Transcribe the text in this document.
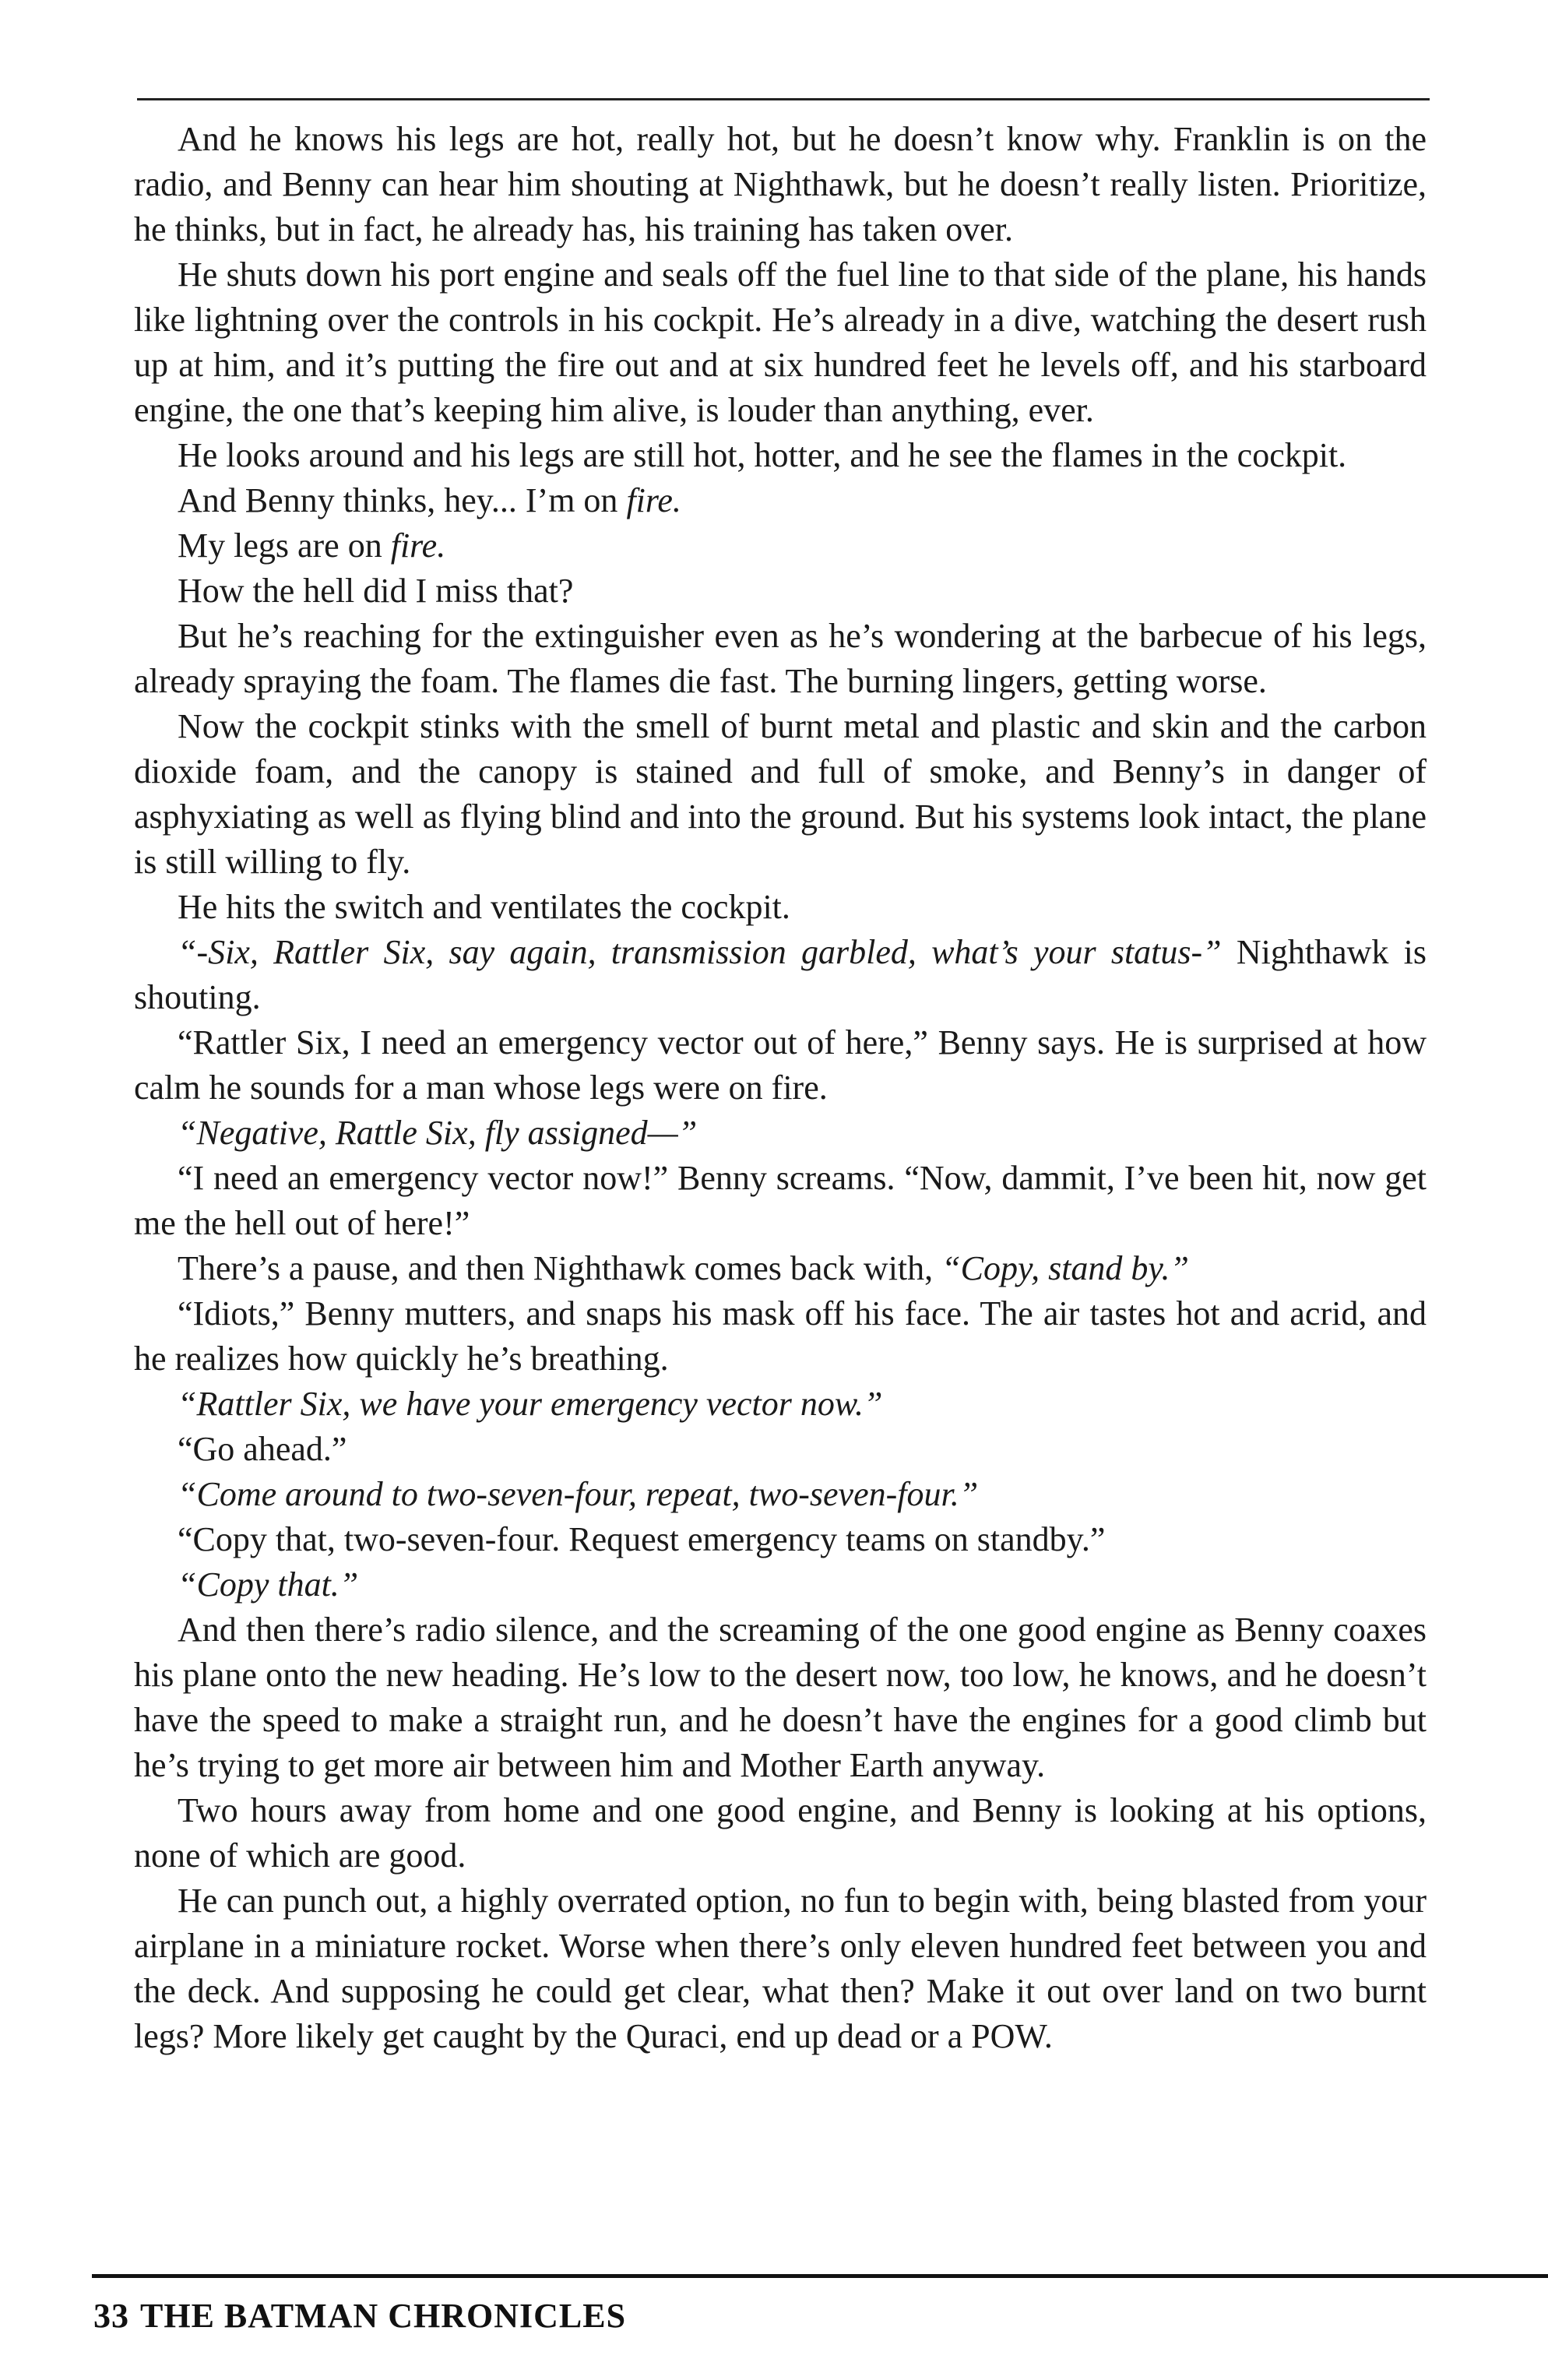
And he knows his legs are hot, really hot, but he doesn’t know why. Franklin is on the radio, and Benny can hear him shouting at Nighthawk, but he doesn’t really listen. Prioritize, he thinks, but in fact, he already has, his training has taken over.

He shuts down his port engine and seals off the fuel line to that side of the plane, his hands like lightning over the controls in his cockpit. He’s already in a dive, watching the desert rush up at him, and it’s putting the fire out and at six hundred feet he levels off, and his starboard engine, the one that’s keeping him alive, is louder than anything, ever.

He looks around and his legs are still hot, hotter, and he see the flames in the cockpit.

And Benny thinks, hey... I’m on fire.

My legs are on fire.

How the hell did I miss that?

But he’s reaching for the extinguisher even as he’s wondering at the barbecue of his legs, already spraying the foam. The flames die fast. The burning lingers, getting worse.

Now the cockpit stinks with the smell of burnt metal and plastic and skin and the carbon dioxide foam, and the canopy is stained and full of smoke, and Benny’s in danger of asphyxiating as well as flying blind and into the ground. But his systems look intact, the plane is still willing to fly.

He hits the switch and ventilates the cockpit.

“-Six, Rattler Six, say again, transmission garbled, what’s your status-” Nighthawk is shouting.

“Rattler Six, I need an emergency vector out of here,” Benny says. He is surprised at how calm he sounds for a man whose legs were on fire.

“Negative, Rattle Six, fly assigned—”

“I need an emergency vector now!” Benny screams. “Now, dammit, I’ve been hit, now get me the hell out of here!”

There’s a pause, and then Nighthawk comes back with, “Copy, stand by.”

“Idiots,” Benny mutters, and snaps his mask off his face. The air tastes hot and acrid, and he realizes how quickly he’s breathing.

“Rattler Six, we have your emergency vector now.”

“Go ahead.”

“Come around to two-seven-four, repeat, two-seven-four.”

“Copy that, two-seven-four. Request emergency teams on standby.”

“Copy that.”

And then there’s radio silence, and the screaming of the one good engine as Benny coaxes his plane onto the new heading. He’s low to the desert now, too low, he knows, and he doesn’t have the speed to make a straight run, and he doesn’t have the engines for a good climb but he’s trying to get more air between him and Mother Earth anyway.

Two hours away from home and one good engine, and Benny is looking at his options, none of which are good.

He can punch out, a highly overrated option, no fun to begin with, being blasted from your airplane in a miniature rocket. Worse when there’s only eleven hundred feet between you and the deck. And supposing he could get clear, what then? Make it out over land on two burnt legs? More likely get caught by the Quraci, end up dead or a POW.

33 THE BATMAN CHRONICLES
